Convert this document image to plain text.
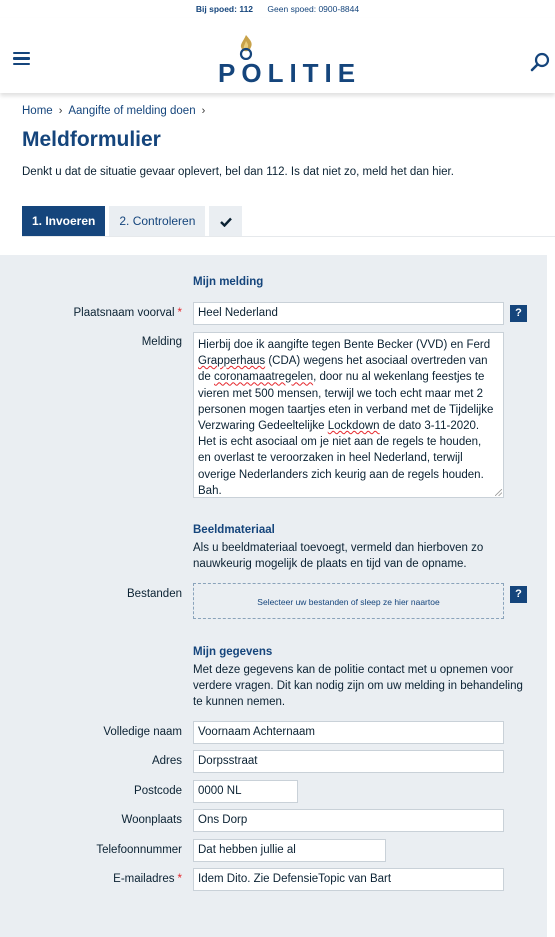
Bij spoed: 112 Geen spoed: 0900-8844
POLITIE
Home › Aangifte of melding doen ›
Meldformulier

Denkt u dat de situatie gevaar oplevert, bel dan 112. Is dat niet zo, meld het dan hier.

1. Invoeren	2. Controleren
Mijn melding
Plaatsnaam voorval *	Heel Nederland	?
Melding	Hierbij doe ik aangifte tegen Bente Becker (VVD) en Ferd Grapperhaus (CDA) wegens het asociaal overtreden van de coronamaatregelen, door nu al wekenlang feestjes te vieren met 500 mensen, terwijl we toch echt maar met 2 personen mogen taartjes eten in verband met de Tijdelijke Verzwaring Gedeeltelijke Lockdown de dato 3-11-2020. Het is echt asociaal om je niet aan de regels te houden, en overlast te veroorzaken in heel Nederland, terwijl overige Nederlanders zich keurig aan de regels houden. Bah.
Beeldmateriaal
Als u beeldmateriaal toevoegt, vermeld dan hierboven zo nauwkeurig mogelijk de plaats en tijd van de opname.
Bestanden
Selecteer uw bestanden of sleep ze hier naartoe
?
Mijn gegevens
Met deze gegevens kan de politie contact met u opnemen voor verdere vragen. Dit kan nodig zijn om uw melding in behandeling te kunnen nemen.
Volledige naam	Voornaam Achternaam
Adres	Dorpsstraat
Postcode	0000 NL
Woonplaats	Ons Dorp
Telefoonnummer	Dat hebben jullie al
E-mailadres *	Idem Dito. Zie DefensieTopic van Bart
